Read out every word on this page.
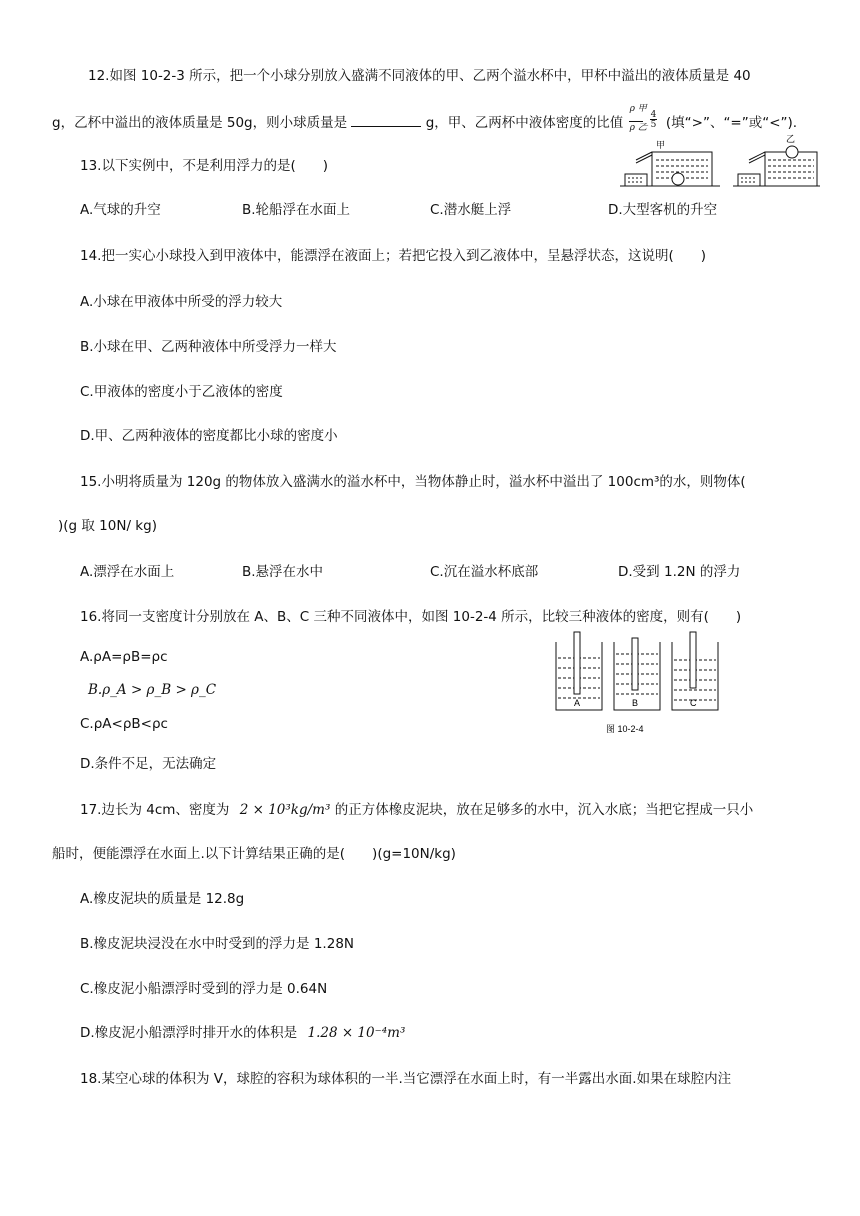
12.如图 10-2-3 所示，把一个小球分别放入盛满不同液体的甲、乙两个溢水杯中，甲杯中溢出的液体质量是 40
g，乙杯中溢出的液体质量是 50g，则小球质量是	g，甲、乙两杯中液体密度的比值
ρ 甲
ρ 乙
_
4
5 (填“>”、“=”或“<”).
甲
乙
13.以下实例中，不是利用浮力的是(　　)
A.气球的升空	B.轮船浮在水面上	C.潜水艇上浮	D.大型客机的升空
14.把一实心小球投入到甲液体中，能漂浮在液面上；若把它投入到乙液体中，呈悬浮状态，这说明(　　)
A.小球在甲液体中所受的浮力较大
B.小球在甲、乙两种液体中所受浮力一样大
C.甲液体的密度小于乙液体的密度
D.甲、乙两种液体的密度都比小球的密度小
15.小明将质量为 120g 的物体放入盛满水的溢水杯中，当物体静止时，溢水杯中溢出了 100cm³的水，则物体(
)(g 取 10N/ kg)
A.漂浮在水面上	B.悬浮在水中	C.沉在溢水杯底部	D.受到 1.2N 的浮力
16.将同一支密度计分别放在 A、B、C 三种不同液体中，如图 10-2-4 所示，比较三种液体的密度，则有(　　)
A.ρA=ρB=ρc
B.ρ_A > ρ_B > ρ_C
C.ρA<ρB<ρc
D.条件不足，无法确定
A	B	C
图 10-2-4
17.边长为 4cm、密度为 2 × 10³kg/m³ 的正方体橡皮泥块，放在足够多的水中，沉入水底；当把它捏成一只小
船时，便能漂浮在水面上.以下计算结果正确的是(　　)(g=10N/kg)
A.橡皮泥块的质量是 12.8g
B.橡皮泥块浸没在水中时受到的浮力是 1.28N
C.橡皮泥小船漂浮时受到的浮力是 0.64N
D.橡皮泥小船漂浮时排开水的体积是 1.28 × 10⁻⁴m³
18.某空心球的体积为 V，球腔的容积为球体积的一半.当它漂浮在水面上时，有一半露出水面.如果在球腔内注
